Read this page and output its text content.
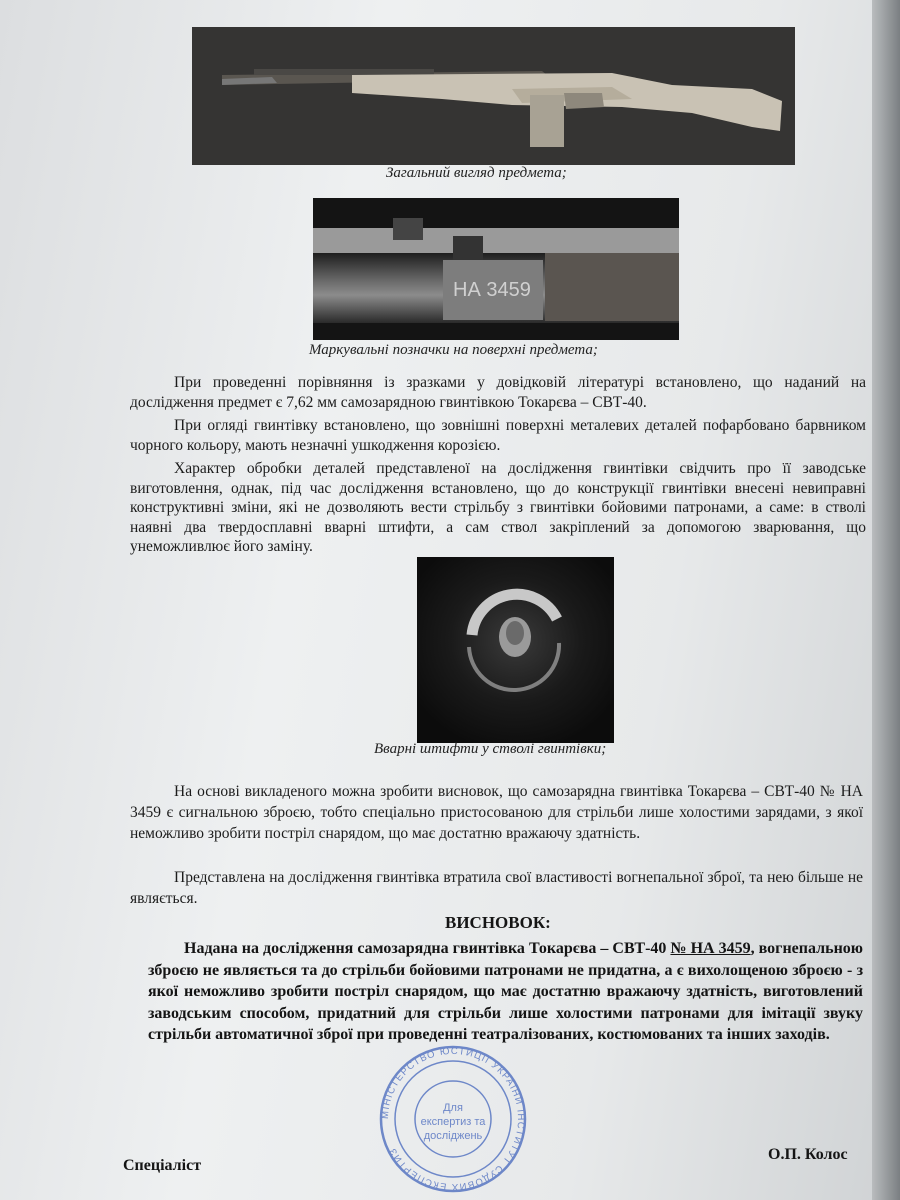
Загальний вигляд предмета;
НА 3459
Маркувальні позначки на поверхні предмета;
При проведенні порівняння із зразками у довідковій літературі встановлено, що наданий на дослідження предмет є 7,62 мм самозарядною гвинтівкою Токарєва – СВТ-40.
При огляді гвинтівку встановлено, що зовнішні поверхні металевих деталей пофарбовано барвником чорного кольору, мають незначні ушкодження корозією.
Характер обробки деталей представленої на дослідження гвинтівки свідчить про її заводське виготовлення, однак, під час дослідження встановлено, що до конструкції гвинтівки внесені невиправні конструктивні зміни, які не дозволяють вести стрільбу з гвинтівки бойовими патронами, а саме: в стволі наявні два твердосплавні вварні штифти, а сам ствол закріплений за допомогою зварювання, що унеможливлює його заміну.
Вварні штифти у стволі гвинтівки;
На основі викладеного можна зробити висновок, що самозарядна гвинтівка Токарєва – СВТ-40 № НА 3459 є сигнальною зброєю, тобто спеціально пристосованою для стрільби лише холостими зарядами, з якої неможливо зробити постріл снарядом, що має достатню вражаючу здатність.
Представлена на дослідження гвинтівка втратила свої властивості вогнепальної зброї, та нею більше не являється.
ВИСНОВОК:
Надана на дослідження самозарядна гвинтівка Токарєва – СВТ-40 № НА 3459, вогнепальною зброєю не являється та до стрільби бойовими патронами не придатна, а є вихолощеною зброєю - з якої неможливо зробити постріл снарядом, що має достатню вражаючу здатність, виготовлений заводським способом, придатний для стрільби лише холостими патронами для імітації звуку стрільби автоматичної зброї при проведенні театралізованих, костюмованих та інших заходів.
МІНІСТЕРСТВО ЮСТИЦІЇ УКРАЇНИ ІНСТИТУТ СУДОВИХ ЕКСПЕРТИЗ
Для
експертиз та
досліджень
Спеціаліст
О.П. Колос
